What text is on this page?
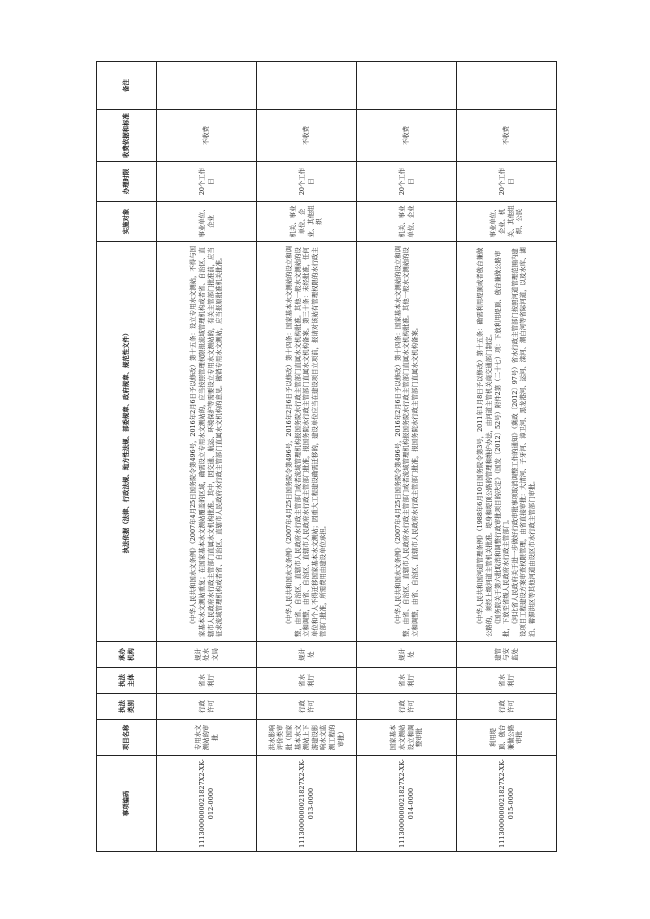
事项编码	项目名称	执法类别	执法主体	承办机构	执法依据（法律、行政法规、地方性法规、部委规章、政府规章、规范性文件）	实施对象	办理时限	收费依据和标准	备注
1113000000021827X2-XK-012-0000	专用水文测站的审批	行政许可	省水利厅	规计处水文局	《中华人民共和国水文条例》（2007年4月25日国务院令第496号，2016年2月6日予以修改）第十五条：设立专用水文测站，不得与国家基本水文测站重复；在国家基本水文测站覆盖的区域，确需设立专用水文测站的，应当按照管理权限报流域管理机构或者省、自治区、直辖市人民政府水行政主管部门直属水文机构批准。其中，因交通、航运、环境保护等需要设立专用水文测站的，有关主管部门批准前，应当征求流域管理机构或者省、自治区、直辖市人民政府水行政主管部门直属水文机构的意见。撤销专用水文测站，应当报原批准机关批准。	事业单位、企业	20个工作日	不收费	
1113000000021827X2-XK-013-0000	洪水影响评价类审批（国家基本水文测站上下游建设影响水文监测工程的审批）	行政许可	省水利厅	规计处	《中华人民共和国水文条例》（2007年4月25日国务院令第496号，2016年2月6日予以修改）第十四条：国家基本水文测站的设立和调整，由省、自治区、直辖市人民政府水行政主管部门或者流域管理机构报国务院水行政主管部门直属水文机构批准。其他一般水文测站的设立和调整，由省、自治区、直辖市人民政府水行政主管部门批准，报国务院水行政主管部门直属水文机构备案。第三十条：未经批准，任何单位和个人不得迁移国家基本水文测站；因重大工程建设确需迁移的，建设单位应当在建设项目立项前，报请对该站有管理权限的水行政主管部门批准，所需费用由建设单位承担。	机关、事业单位、企业、其他组织	20个工作日	不收费	
1113000000021827X2-XK-014-0000	国家基本水文测站设立和调整审批	行政许可	省水利厅	规计处	《中华人民共和国水文条例》（2007年4月25日国务院令第496号，2016年2月6日予以修改）第十四条：国家基本水文测站的设立和调整，由省、自治区、直辖市人民政府水行政主管部门或者流域管理机构报国务院水行政主管部门直属水文机构批准。其他一般水文测站的设立和调整，由省、自治区、直辖市人民政府水行政主管部门批准，报国务院水行政主管部门直属水文机构备案。	机关、事业单位、企业	20个工作日	不收费	
1113000000021827X2-XK-015-0000	利用堤顶、戗台兼做公路审批	行政许可	省水利厅	建管与安监处	《中华人民共和国河道管理条例》（1988年6月10日国务院令第3号，2011年1月8日予以修改）第十五条：确需利用堤顶或者戗台兼做公路的，须经上级河道主管机关批准。堤身和堤顶公路的管理和维护办法，由河道主管机关商交通部门制定。 《国务院关于第六批取消和调整行政审批项目的决定》（国发〔2012〕52号）附件2第（二十七）项：下放利用堤顶、戗台兼做公路审批，下放至省级人民政府水行政主管部门。 《河北省人民政府关于进一步做好行政审批事项取消调整工作的通知》（冀政〔2012〕97号）省水行政主管部门按照河道管理范围内建设项目工程建设方案审查权限管理，由省直接审批：大清河、子牙河、漳卫河、黑龙港河、运河、滦河、潮白河等省际河道，以及水库、湖泊、蓄滞洪区等其他河道由设区市水行政主管部门审批。	事业单位、企业、机关、其他组织、公民	20个工作日	不收费	
